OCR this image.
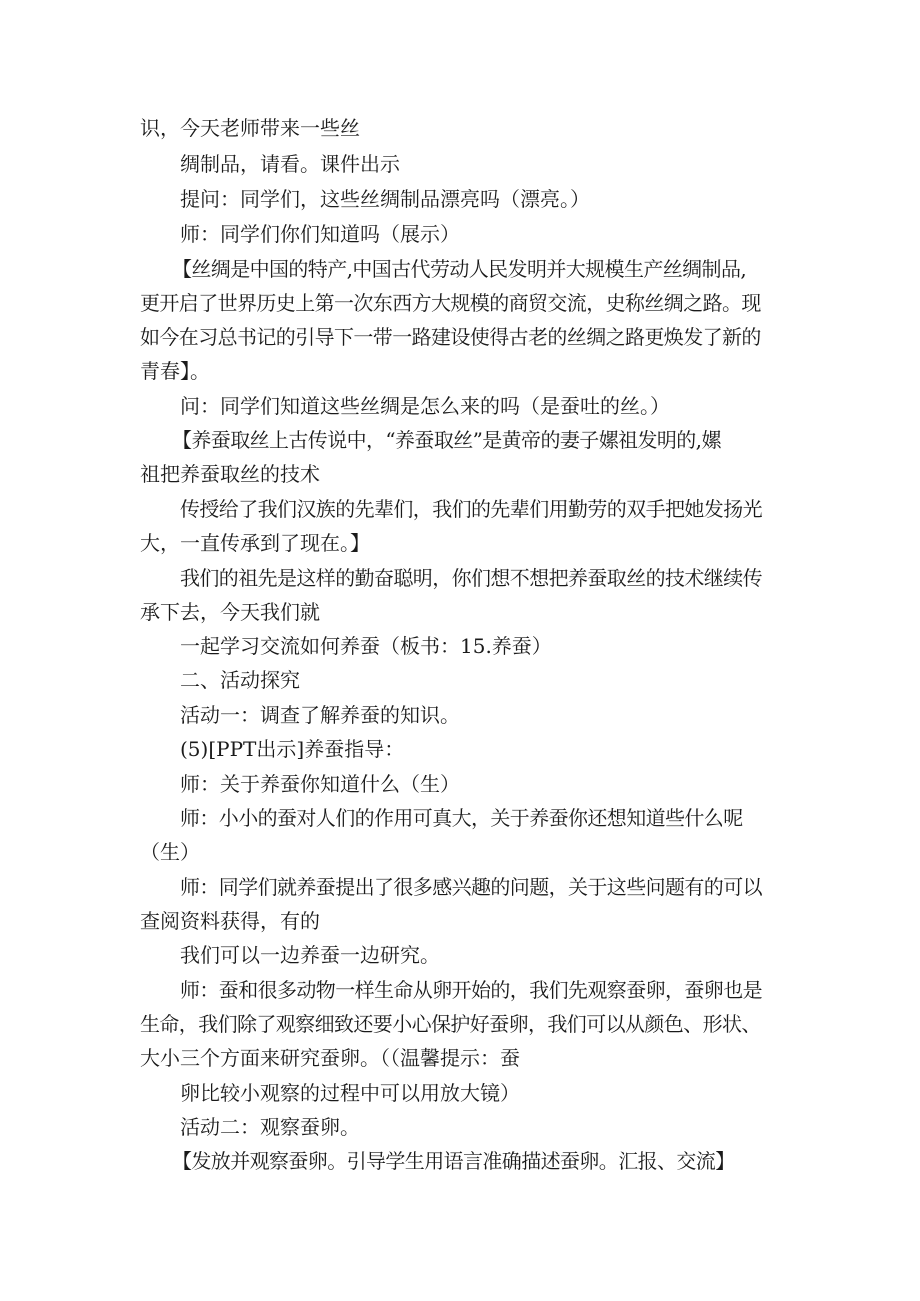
识，今天老师带来一些丝
绸制品，请看。课件出示
提问：同学们，这些丝绸制品漂亮吗（漂亮。）
师：同学们你们知道吗（展示）
【丝绸是中国的特产,中国古代劳动人民发明并大规模生产丝绸制品,
更开启了世界历史上第一次东西方大规模的商贸交流，史称丝绸之路。现
如今在习总书记的引导下一带一路建设使得古老的丝绸之路更焕发了新的
青春】。
问：同学们知道这些丝绸是怎么来的吗（是蚕吐的丝。）
【养蚕取丝上古传说中，“养蚕取丝”是黄帝的妻子嫘祖发明的,嫘
祖把养蚕取丝的技术
传授给了我们汉族的先辈们，我们的先辈们用勤劳的双手把她发扬光
大，一直传承到了现在。】
我们的祖先是这样的勤奋聪明，你们想不想把养蚕取丝的技术继续传
承下去，今天我们就
一起学习交流如何养蚕（板书：15.养蚕）
二、活动探究
活动一：调查了解养蚕的知识。
(5)[PPT出示]养蚕指导：
师：关于养蚕你知道什么（生）
师：小小的蚕对人们的作用可真大，关于养蚕你还想知道些什么呢
（生）
师：同学们就养蚕提出了很多感兴趣的问题，关于这些问题有的可以
查阅资料获得，有的
我们可以一边养蚕一边研究。
师：蚕和很多动物一样生命从卵开始的，我们先观察蚕卵，蚕卵也是
生命，我们除了观察细致还要小心保护好蚕卵，我们可以从颜色、形状、
大小三个方面来研究蚕卵。（（温馨提示：蚕
卵比较小观察的过程中可以用放大镜）
活动二：观察蚕卵。
【发放并观察蚕卵。引导学生用语言准确描述蚕卵。汇报、交流】
